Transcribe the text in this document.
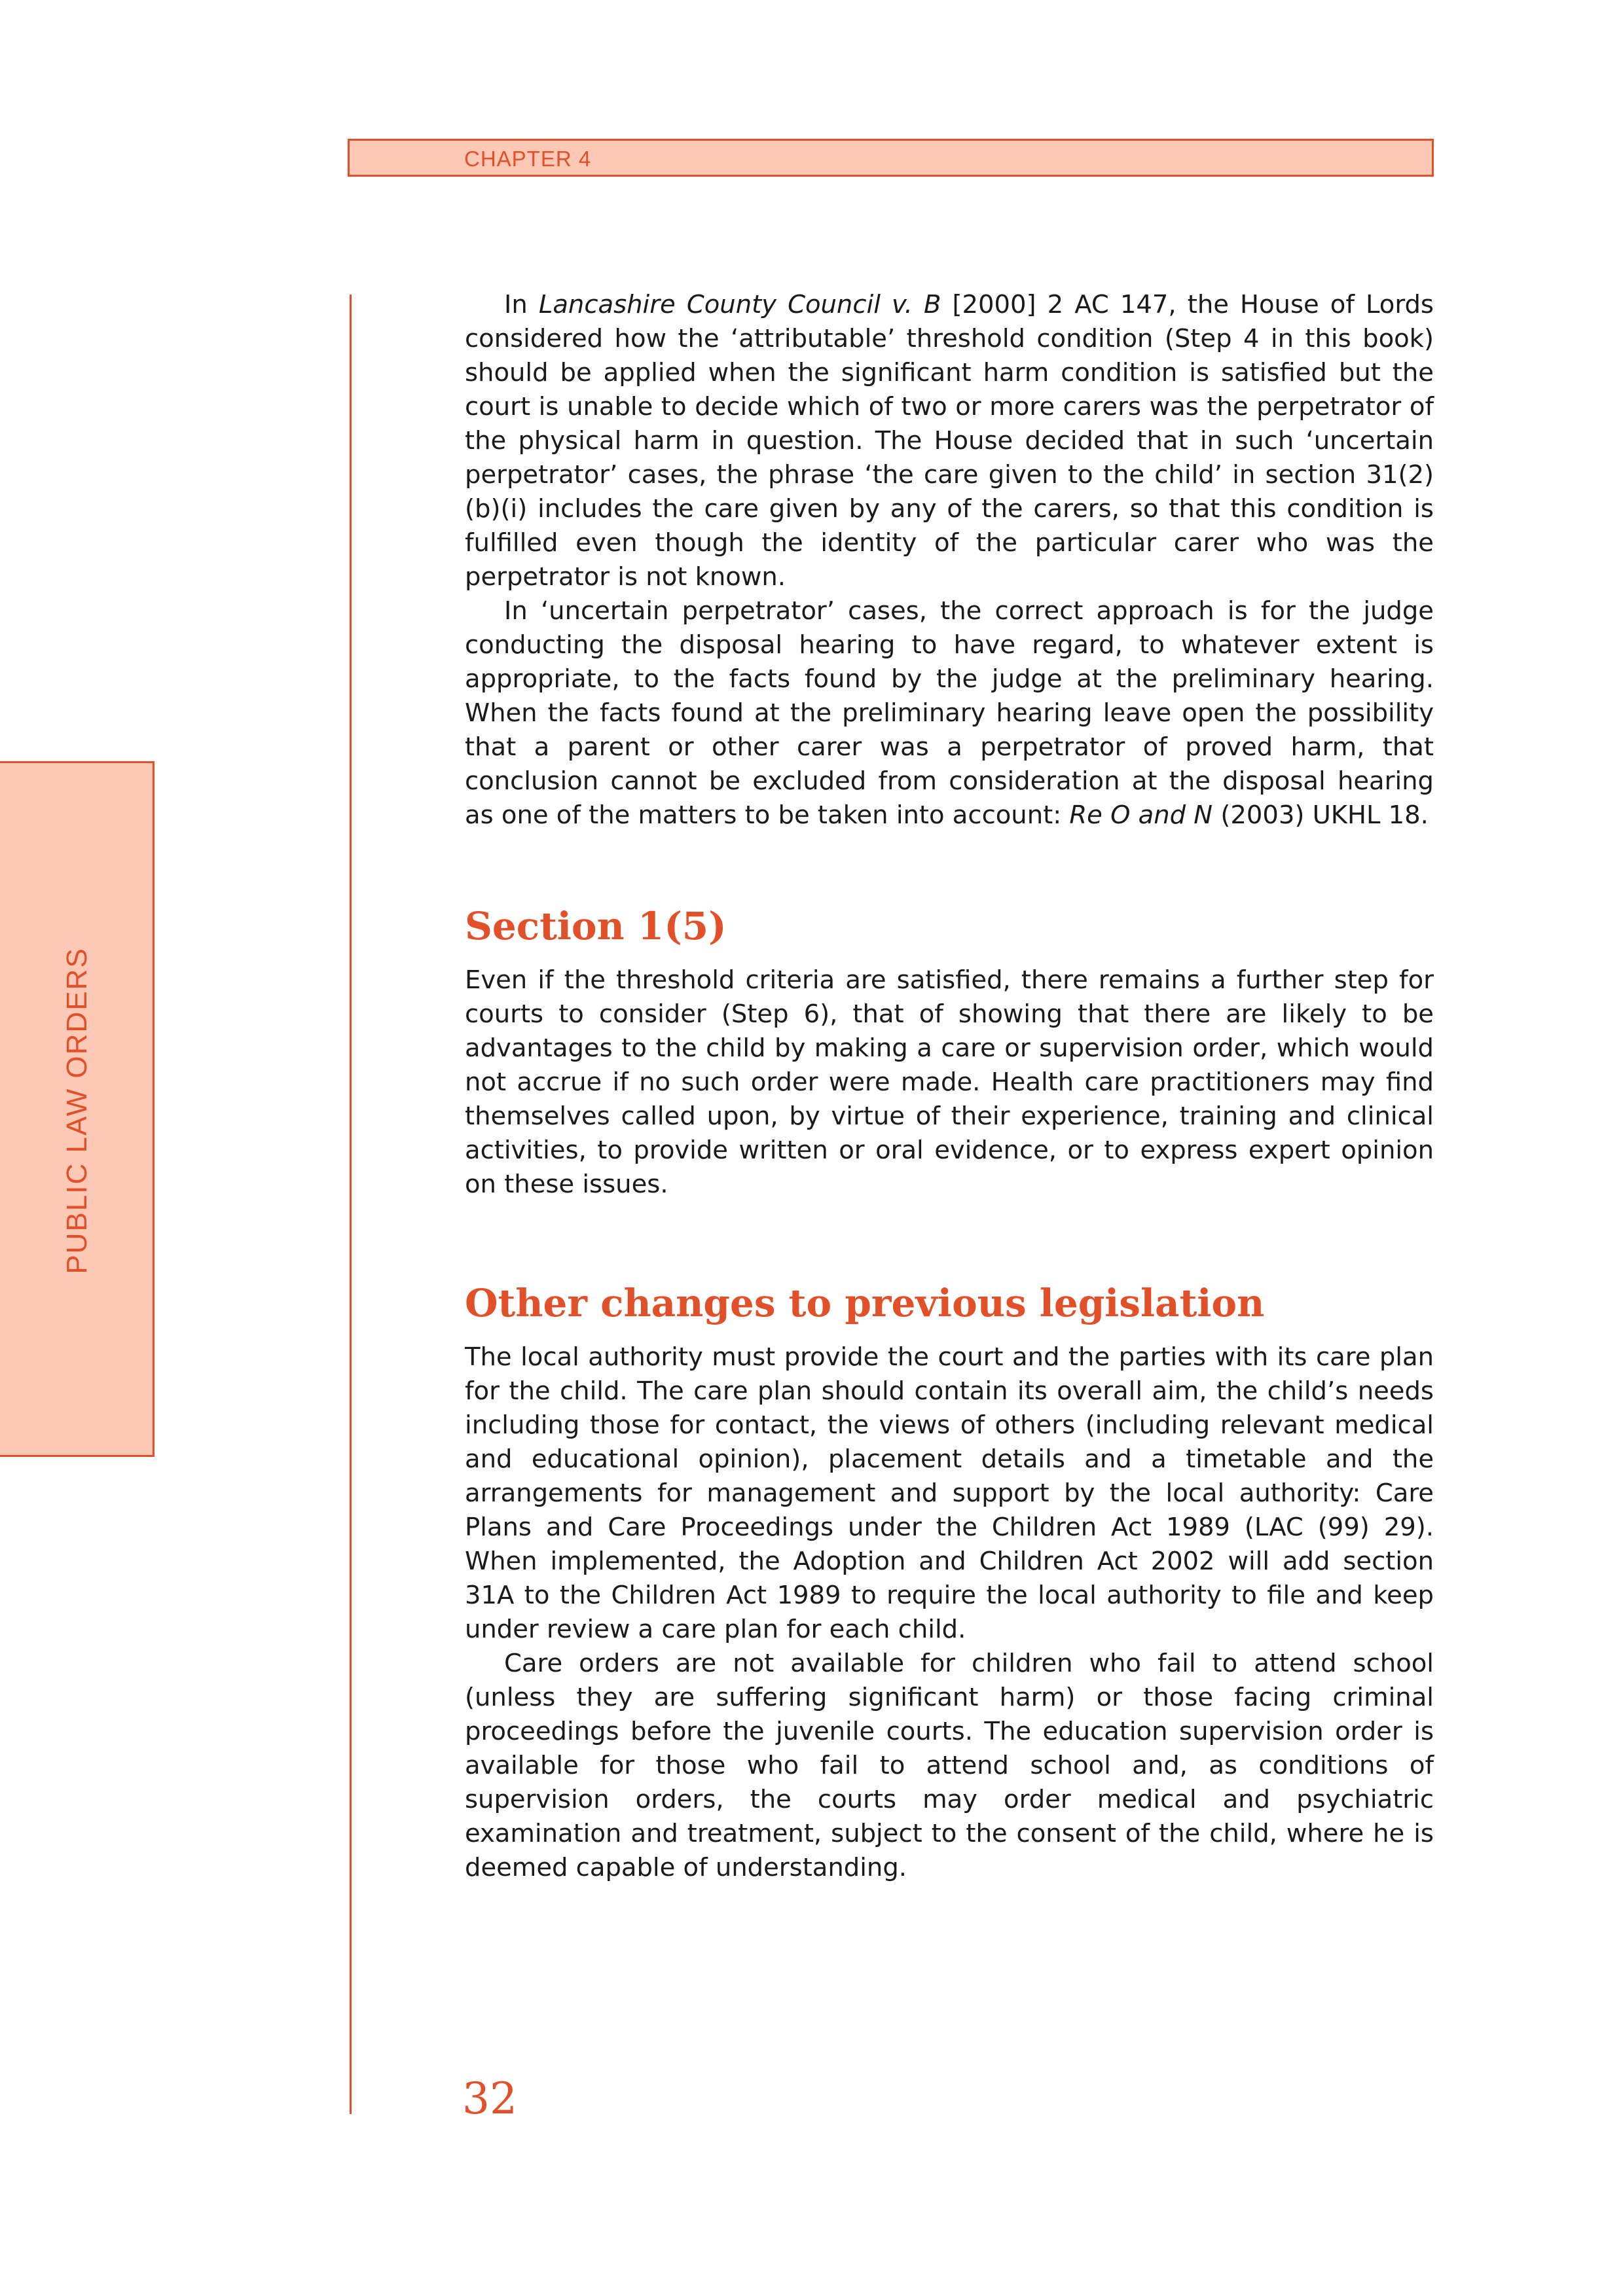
CHAPTER 4
PUBLIC LAW ORDERS

In Lancashire County Council v. B [2000] 2 AC 147, the House of Lords considered how the ‘attributable’ threshold condition (Step 4 in this book) should be applied when the significant harm condition is satisfied but the court is unable to decide which of two or more carers was the perpetrator of the physical harm in question. The House decided that in such ‘uncertain perpetrator’ cases, the phrase ‘the care given to the child’ in section 31(2)(b)(i) includes the care given by any of the carers, so that this condition is fulfilled even though the identity of the particular carer who was the perpetrator is not known.

In ‘uncertain perpetrator’ cases, the correct approach is for the judge conducting the disposal hearing to have regard, to whatever extent is appropriate, to the facts found by the judge at the preliminary hearing. When the facts found at the preliminary hearing leave open the possibility that a parent or other carer was a perpetrator of proved harm, that conclusion cannot be excluded from consideration at the disposal hearing as one of the matters to be taken into account: Re O and N (2003) UKHL 18.

Section 1(5)

Even if the threshold criteria are satisfied, there remains a further step for courts to consider (Step 6), that of showing that there are likely to be advantages to the child by making a care or supervision order, which would not accrue if no such order were made. Health care practitioners may find themselves called upon, by virtue of their experience, training and clinical activities, to provide written or oral evidence, or to express expert opinion on these issues.

Other changes to previous legislation

The local authority must provide the court and the parties with its care plan for the child. The care plan should contain its overall aim, the child’s needs including those for contact, the views of others (including relevant medical and educational opinion), placement details and a timetable and the arrangements for management and support by the local authority: Care Plans and Care Proceedings under the Children Act 1989 (LAC (99) 29). When implemented, the Adoption and Children Act 2002 will add section 31A to the Children Act 1989 to require the local authority to file and keep under review a care plan for each child.

Care orders are not available for children who fail to attend school (unless they are suffering significant harm) or those facing criminal proceedings before the juvenile courts. The education supervision order is available for those who fail to attend school and, as conditions of supervision orders, the courts may order medical and psychiatric examination and treatment, subject to the consent of the child, where he is deemed capable of understanding.

32
